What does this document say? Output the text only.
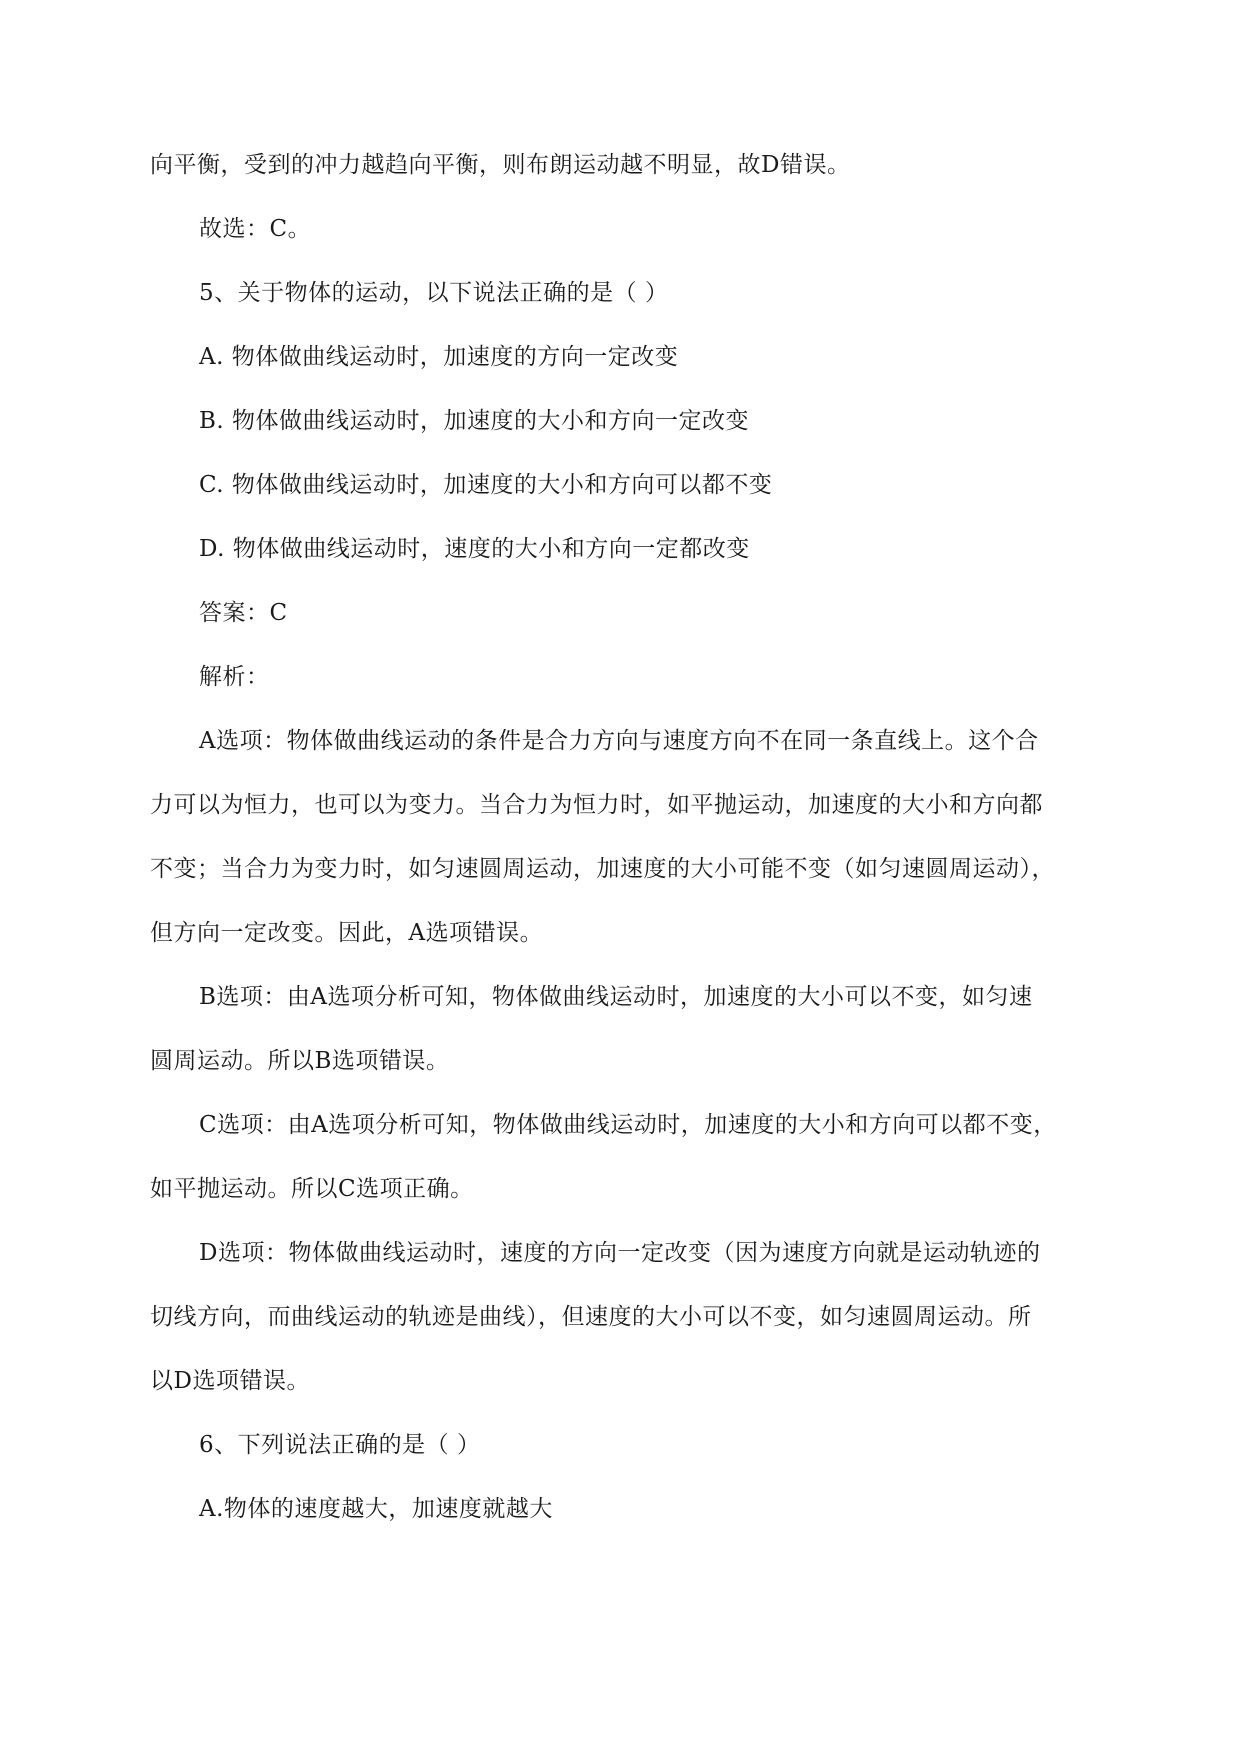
向平衡，受到的冲力越趋向平衡，则布朗运动越不明显，故D错误。
故选：C。
5、关于物体的运动，以下说法正确的是（ ）
A. 物体做曲线运动时，加速度的方向一定改变
B. 物体做曲线运动时，加速度的大小和方向一定改变
C. 物体做曲线运动时，加速度的大小和方向可以都不变
D. 物体做曲线运动时，速度的大小和方向一定都改变
答案：C
解析：
A选项：物体做曲线运动的条件是合力方向与速度方向不在同一条直线上。这个合
力可以为恒力，也可以为变力。当合力为恒力时，如平抛运动，加速度的大小和方向都
不变；当合力为变力时，如匀速圆周运动，加速度的大小可能不变（如匀速圆周运动），
但方向一定改变。因此，A选项错误。
B选项：由A选项分析可知，物体做曲线运动时，加速度的大小可以不变，如匀速
圆周运动。所以B选项错误。
C选项：由A选项分析可知，物体做曲线运动时，加速度的大小和方向可以都不变，
如平抛运动。所以C选项正确。
D选项：物体做曲线运动时，速度的方向一定改变（因为速度方向就是运动轨迹的
切线方向，而曲线运动的轨迹是曲线），但速度的大小可以不变，如匀速圆周运动。所
以D选项错误。
6、下列说法正确的是（ ）
A.物体的速度越大，加速度就越大
